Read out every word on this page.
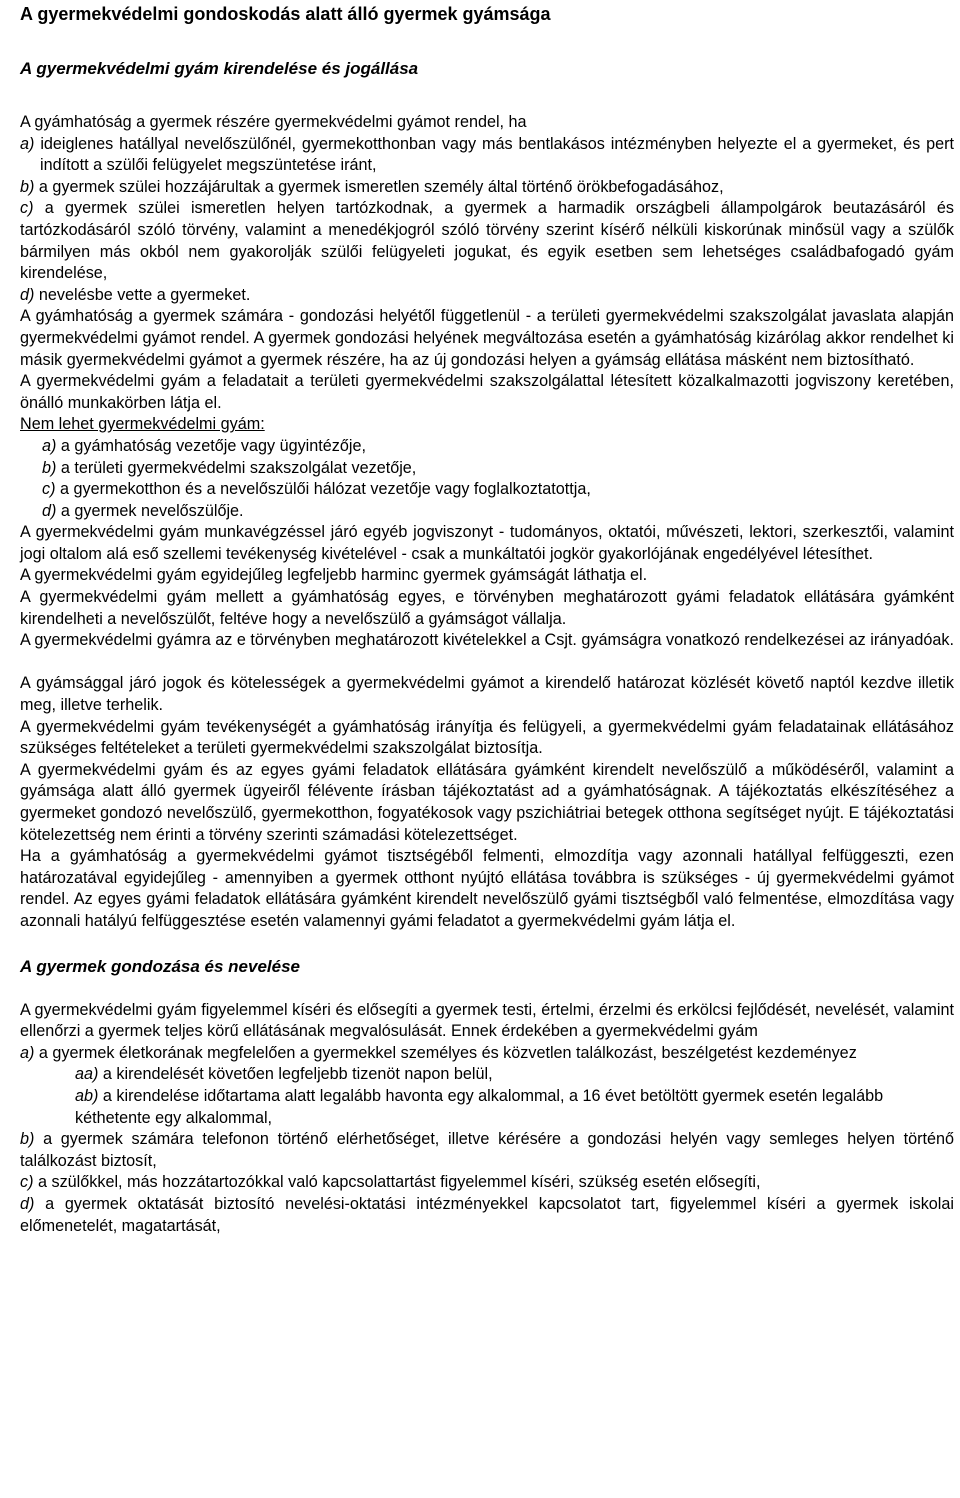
A gyermekvédelmi gondoskodás alatt álló gyermek gyámsága
A gyermekvédelmi gyám kirendelése és jogállása

A gyámhatóság a gyermek részére gyermekvédelmi gyámot rendel, ha

a) ideiglenes hatállyal nevelőszülőnél, gyermekotthonban vagy más bentlakásos intézményben helyezte el a gyermeket, és pert indított a szülői felügyelet megszüntetése iránt,

b) a gyermek szülei hozzájárultak a gyermek ismeretlen személy által történő örökbefogadásához,

c) a gyermek szülei ismeretlen helyen tartózkodnak, a gyermek a harmadik országbeli állampolgárok beutazásáról és tartózkodásáról szóló törvény, valamint a menedékjogról szóló törvény szerint kísérő nélküli kiskorúnak minősül vagy a szülők bármilyen más okból nem gyakorolják szülői felügyeleti jogukat, és egyik esetben sem lehetséges családbafogadó gyám kirendelése,

d) nevelésbe vette a gyermeket.

A gyámhatóság a gyermek számára - gondozási helyétől függetlenül - a területi gyermekvédelmi szakszolgálat javaslata alapján gyermekvédelmi gyámot rendel. A gyermek gondozási helyének megváltozása esetén a gyámhatóság kizárólag akkor rendelhet ki másik gyermekvédelmi gyámot a gyermek részére, ha az új gondozási helyen a gyámság ellátása másként nem biztosítható.

A gyermekvédelmi gyám a feladatait a területi gyermekvédelmi szakszolgálattal létesített közalkalmazotti jogviszony keretében, önálló munkakörben látja el.

Nem lehet gyermekvédelmi gyám:

a) a gyámhatóság vezetője vagy ügyintézője,

b) a területi gyermekvédelmi szakszolgálat vezetője,

c) a gyermekotthon és a nevelőszülői hálózat vezetője vagy foglalkoztatottja,

d) a gyermek nevelőszülője.

A gyermekvédelmi gyám munkavégzéssel járó egyéb jogviszonyt - tudományos, oktatói, művészeti, lektori, szerkesztői, valamint jogi oltalom alá eső szellemi tevékenység kivételével - csak a munkáltatói jogkör gyakorlójának engedélyével létesíthet.

A gyermekvédelmi gyám egyidejűleg legfeljebb harminc gyermek gyámságát láthatja el.

A gyermekvédelmi gyám mellett a gyámhatóság egyes, e törvényben meghatározott gyámi feladatok ellátására gyámként kirendelheti a nevelőszülőt, feltéve hogy a nevelőszülő a gyámságot vállalja.

A gyermekvédelmi gyámra az e törvényben meghatározott kivételekkel a Csjt. gyámságra vonatkozó rendelkezései az irányadóak.

A gyámsággal járó jogok és kötelességek a gyermekvédelmi gyámot a kirendelő határozat közlését követő naptól kezdve illetik meg, illetve terhelik.

A gyermekvédelmi gyám tevékenységét a gyámhatóság irányítja és felügyeli, a gyermekvédelmi gyám feladatainak ellátásához szükséges feltételeket a területi gyermekvédelmi szakszolgálat biztosítja.

A gyermekvédelmi gyám és az egyes gyámi feladatok ellátására gyámként kirendelt nevelőszülő a működéséről, valamint a gyámsága alatt álló gyermek ügyeiről félévente írásban tájékoztatást ad a gyámhatóságnak. A tájékoztatás elkészítéséhez a gyermeket gondozó nevelőszülő, gyermekotthon, fogyatékosok vagy pszichiátriai betegek otthona segítséget nyújt. E tájékoztatási kötelezettség nem érinti a törvény szerinti számadási kötelezettséget.

Ha a gyámhatóság a gyermekvédelmi gyámot tisztségéből felmenti, elmozdítja vagy azonnali hatállyal felfüggeszti, ezen határozatával egyidejűleg - amennyiben a gyermek otthont nyújtó ellátása továbbra is szükséges - új gyermekvédelmi gyámot rendel. Az egyes gyámi feladatok ellátására gyámként kirendelt nevelőszülő gyámi tisztségből való felmentése, elmozdítása vagy azonnali hatályú felfüggesztése esetén valamennyi gyámi feladatot a gyermekvédelmi gyám látja el.

A gyermek gondozása és nevelése

A gyermekvédelmi gyám figyelemmel kíséri és elősegíti a gyermek testi, értelmi, érzelmi és erkölcsi fejlődését, nevelését, valamint ellenőrzi a gyermek teljes körű ellátásának megvalósulását. Ennek érdekében a gyermekvédelmi gyám

a) a gyermek életkorának megfelelően a gyermekkel személyes és közvetlen találkozást, beszélgetést kezdeményez

aa) a kirendelését követően legfeljebb tizenöt napon belül,

ab) a kirendelése időtartama alatt legalább havonta egy alkalommal, a 16 évet betöltött gyermek esetén legalább kéthetente egy alkalommal,

b) a gyermek számára telefonon történő elérhetőséget, illetve kérésére a gondozási helyén vagy semleges helyen történő találkozást biztosít,

c) a szülőkkel, más hozzátartozókkal való kapcsolattartást figyelemmel kíséri, szükség esetén elősegíti,

d) a gyermek oktatását biztosító nevelési-oktatási intézményekkel kapcsolatot tart, figyelemmel kíséri a gyermek iskolai előmenetelét, magatartását,
